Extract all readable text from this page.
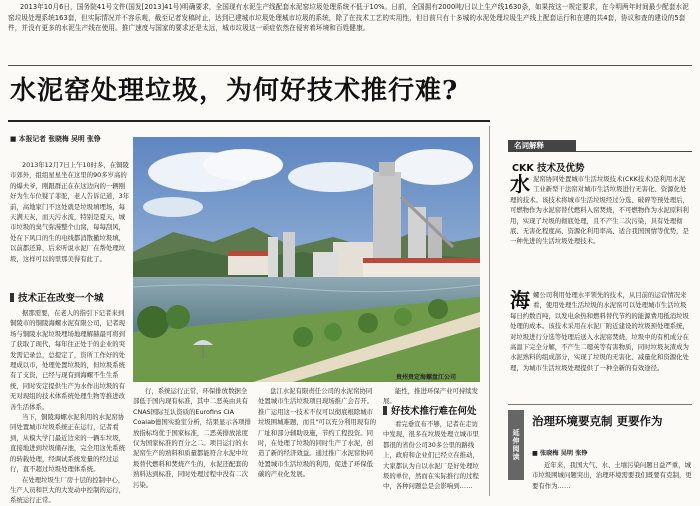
2013年10月6日，国务院41号文件(国发[2013]41号)明确要求，全国现有水泥生产线配套水泥窑垃圾处理系统不低于10%。日前，全国拥有2000吨/日以上生产线1630条，如果按这一规定要求，在今明两年时间最少配套水泥窑垃圾处理系统163套，但实际情况并不容乐观，截至记者发稿时止，达到已建城市垃圾处理城市垃圾的系统，除了在技术工艺的实用性，但目前只有十多城的水泥处理垃圾生产线上配套运行和在建的共4套，协议和查的建设的5套件，并没有更多的水泥生产线在使用。推广速度与国家的要求还是太远，城市垃圾这一顽症依然在侵害着环境和百姓健康。

水泥窑处理垃圾，为何好技术推行难?
■ 本报记者 张晓梅 吴明 张铮
贵州贵定海螺盘江公司

2013年12月7日上午10时多，在铜陵市郊外，组组星星坐在这里的90多岁高的的爆夫爷，刚跟群正在在这边向的一辆刚好为生车位疑了菲驼，老人告诉记道，3年前，高地家门不这处就是垃圾填埋场，每天满天灰，而天污水流，特别是夏天，城市垃圾的臭气弥漫整个山窝，每每刮风，处在下风口的生的电线都消散撤垃圾填，以前都还算，后来听说水泥厂在帮处理垃圾，这样可以的里那美得有此了。

技术正在改变一个城

据那需要，在老人的指引下记者来到铜陵市的铜陵海螺水泥有限公司，记者现场与铜陵水泥垃圾埋场地理解赫最可将到了获取了现代，每年往正处于的企业的突发需记录总，总提定了，资所工作好的处理成以市，处理处置垃圾的，但垃圾系统有了支资，已经与现有到海螺不生生系统，同时安定提供生产为水作出垃圾的有无对现组的技术体系统处理生物等推进改善生活体系。

当下，铜陵海螺水泥利用的水泥窑协同处置城市垃圾系统正在运行，记者看到，从模大学门最近边来的一辆车垃圾，直接地进到垃圾储存池，完全用这先系统的转载处理，经调试系统发量的经过运行，直不超过垃圾处理体系统。

在处理垃圾生厂房十层的控制中心，生产人员和巨大的大发动中控制的运行，系统运行正常。

行，系统运行正常，环保排放数据全部低于国内现有标准，其中二恶英由具有CNAS国际互认资质的Eurofins CIA Coalab德国实验室分析，结果显示各项排放指标均优于国家标准，二恶英排放浓度仅为国家标准的百分之二。项目运行的水泥窑生产的熟料和质量都能符合水泥中垃圾替代燃料和焚烧产生的，水泥还配套的熟料达到标准，同时处理过程中没有二次污染。

盘江水泥有限责任公司的水泥窑协同处置城市生活垃圾项目现场推广会召开。推广运用这一技术不仅可以彻底根除城市垃圾围城难题，而且"可以充分利用现有的厂址和部分辅助设施，节约工程投资。同时，在处理了垃圾的同时生产了水泥，创造了新的经济效益。通过推广水泥窑协同处置城市生活垃圾的利用，促进了环保低碳的产业化发展。

能性，推进环保产业可持续发展。

好技术推行难在何处

看完垂宣布不够，记者在走访中发现，很多在垃圾处理立城市里都很的省份公司30多公里的路线上，政府和企业们已经立在推动，大家都认为自以水泥厂是好处理垃圾的单位，然而在实际推行的过程中，各种问题总是会影响到……

名词解释
CKK 技术及优势
水 泥窑协同处置城市生活垃圾技术(CKK技术)是利用水泥工业新型干法窑对城市生活垃圾进行无害化、资源化处理的技术。该技术将城市生活垃圾经过分选、破碎等预处理后，可燃物作为水泥窑替代燃料入窑焚烧，不可燃物作为水泥原料利用，实现了垃圾的彻底处理，且不产生二次污染，具有处理彻底、无害化程度高、资源化利用率高、适合我国国情等优势，是一种先进的生活垃圾处理技术。
海 螺公司利用处理水平领先的技术，从目前的运营情况来看，使用处理生活垃圾的水泥窑可以处理城市生活垃圾每日约数百吨，以发电余热和燃料替代节约的能源费用抵消垃圾处理的成本。该技术采用在水泥厂附近建设的垃圾预处理系统，对垃圾进行分选等处理后送入水泥窑焚烧，垃圾中的有机成分在高温下完全分解，不产生二噁英等有害物质，同时垃圾灰渣成为水泥熟料的组成部分，实现了垃圾的无害化、减量化和资源化处理，为城市生活垃圾处理提供了一种全新的有效途径。
延伸阅读
治理环境要克制 更要作为
■ 张晓梅 吴明 张铮

近年来，我国大气、水、土壤污染问题日益严重，城市垃圾围城问题突出，治理环境需要我们既要有克制，更要有作为……
